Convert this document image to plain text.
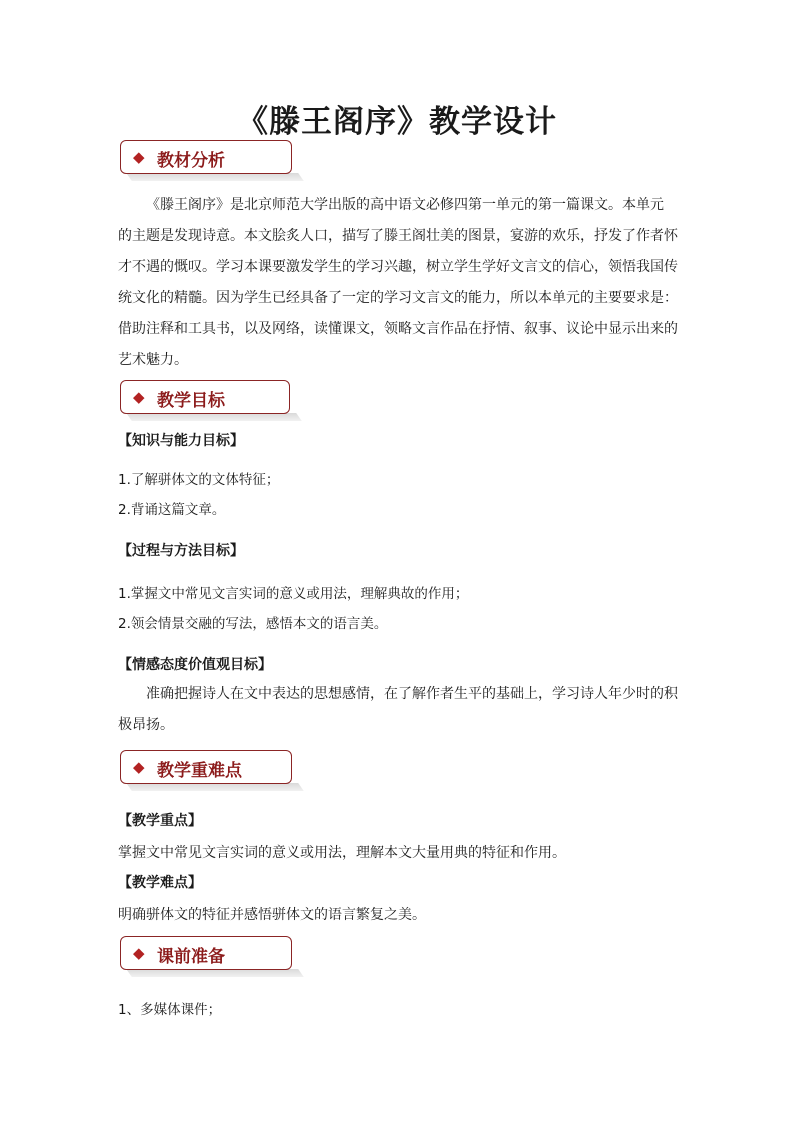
《滕王阁序》教学设计
◆ 教材分析
《滕王阁序》是北京师范大学出版的高中语文必修四第一单元的第一篇课文。本单元
的主题是发现诗意。本文脍炙人口，描写了滕王阁壮美的图景，宴游的欢乐，抒发了作者怀
才不遇的慨叹。学习本课要激发学生的学习兴趣，树立学生学好文言文的信心，领悟我国传
统文化的精髓。因为学生已经具备了一定的学习文言文的能力，所以本单元的主要要求是：
借助注释和工具书，以及网络，读懂课文，领略文言作品在抒情、叙事、议论中显示出来的
艺术魅力。
◆ 教学目标
【知识与能力目标】
1.了解骈体文的文体特征；
2.背诵这篇文章。
【过程与方法目标】
1.掌握文中常见文言实词的意义或用法，理解典故的作用；
2.领会情景交融的写法，感悟本文的语言美。
【情感态度价值观目标】
准确把握诗人在文中表达的思想感情，在了解作者生平的基础上，学习诗人年少时的积
极昂扬。
◆ 教学重难点
【教学重点】
掌握文中常见文言实词的意义或用法，理解本文大量用典的特征和作用。
【教学难点】
明确骈体文的特征并感悟骈体文的语言繁复之美。
◆ 课前准备
1、多媒体课件；
